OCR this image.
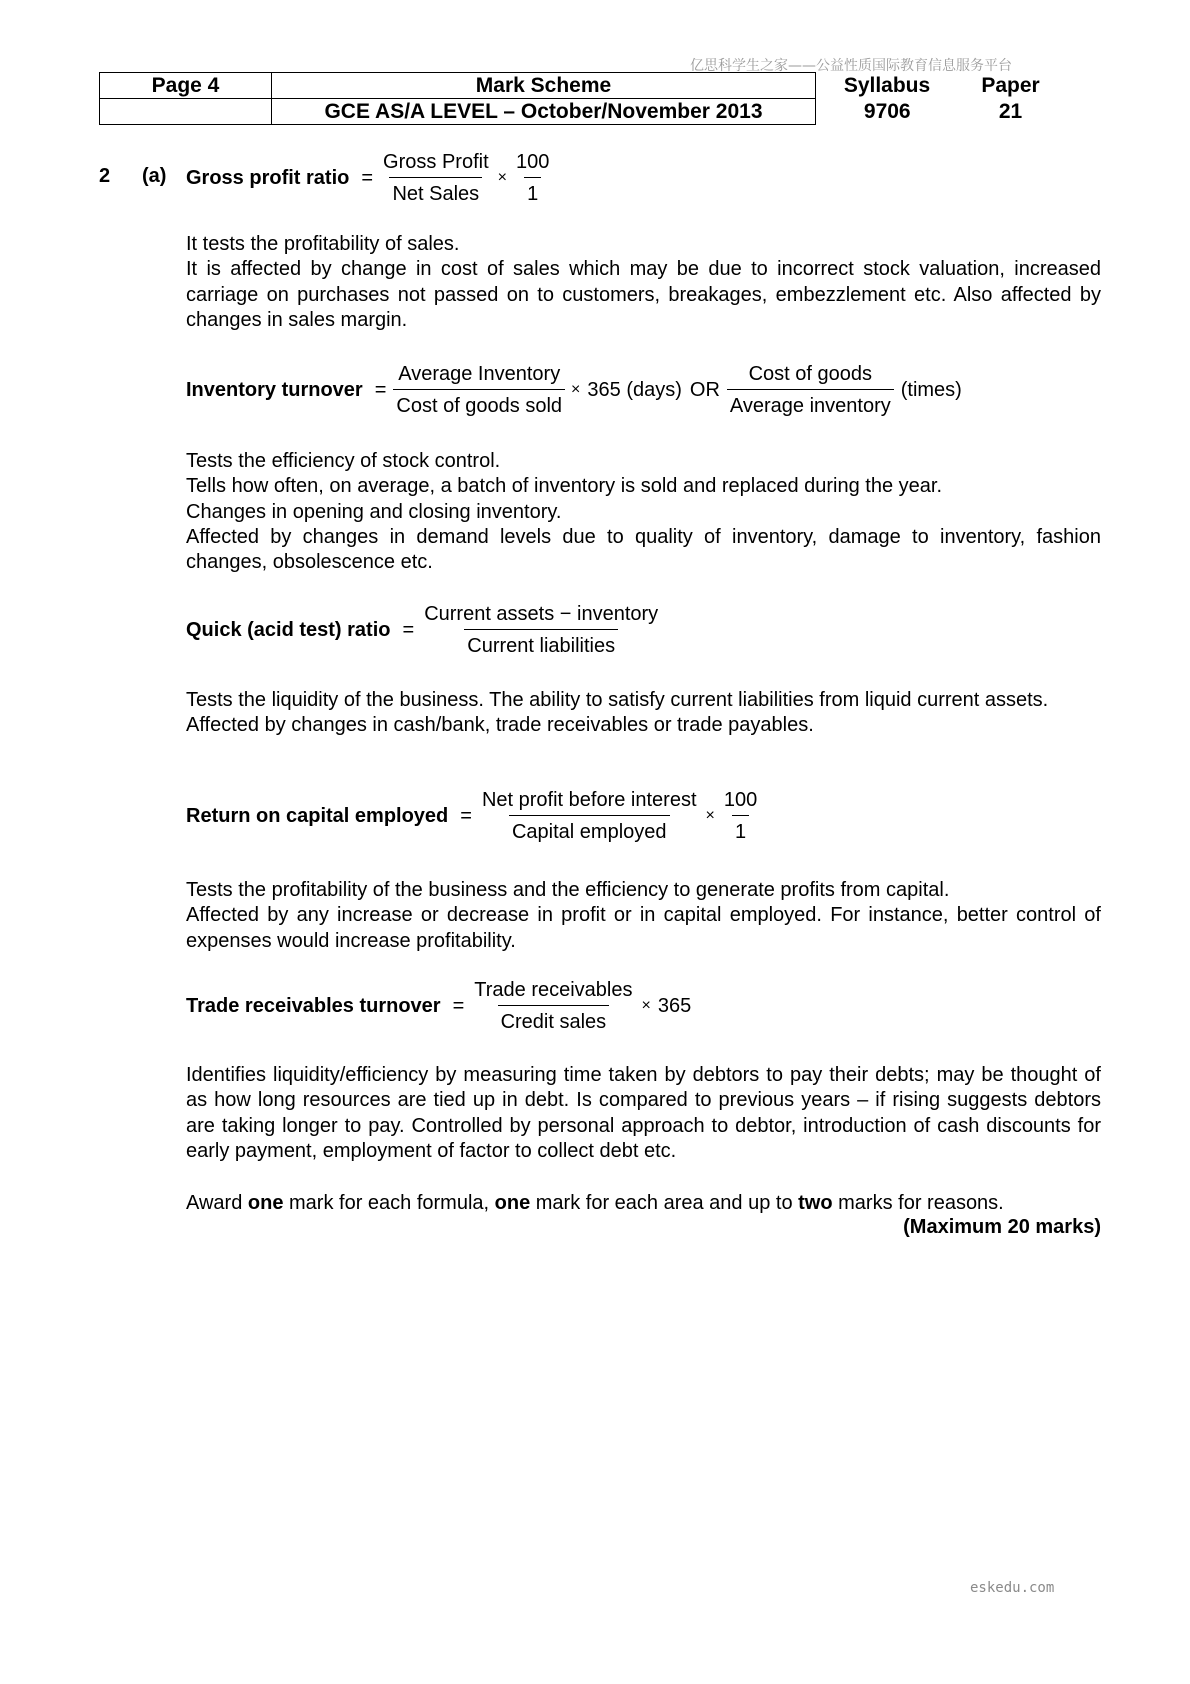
亿思科学生之家——公益性质国际教育信息服务平台
Page 4	Mark Scheme	Syllabus	Paper
	GCE AS/A LEVEL – October/November 2013	9706	21
2 (a) Gross profit ratio = $\frac{\text{Gross Profit}}{\text{Net Sales}} \times \frac{100}{1}$
It tests the profitability of sales.
It is affected by change in cost of sales which may be due to incorrect stock valuation, increased carriage on purchases not passed on to customers, breakages, embezzlement etc. Also affected by changes in sales margin.
Inventory turnover = $\frac{\text{Average Inventory}}{\text{Cost of goods sold}} \times 365$ (days) OR $\frac{\text{Cost of goods}}{\text{Average inventory}}$ (times)
Tests the efficiency of stock control.
Tells how often, on average, a batch of inventory is sold and replaced during the year.
Changes in opening and closing inventory.
Affected by changes in demand levels due to quality of inventory, damage to inventory, fashion changes, obsolescence etc.
Quick (acid test) ratio = $\frac{\text{Current assets − inventory}}{\text{Current liabilities}}$
Tests the liquidity of the business. The ability to satisfy current liabilities from liquid current assets.
Affected by changes in cash/bank, trade receivables or trade payables.
Return on capital employed = $\frac{\text{Net profit before interest}}{\text{Capital employed}} \times \frac{100}{1}$
Tests the profitability of the business and the efficiency to generate profits from capital.
Affected by any increase or decrease in profit or in capital employed. For instance, better control of expenses would increase profitability.
Trade receivables turnover = $\frac{\text{Trade receivables}}{\text{Credit sales}} \times 365$
Identifies liquidity/efficiency by measuring time taken by debtors to pay their debts; may be thought of as how long resources are tied up in debt. Is compared to previous years – if rising suggests debtors are taking longer to pay. Controlled by personal approach to debtor, introduction of cash discounts for early payment, employment of factor to collect debt etc.
Award one mark for each formula, one mark for each area and up to two marks for reasons.
(Maximum 20 marks)
eskedu.com
